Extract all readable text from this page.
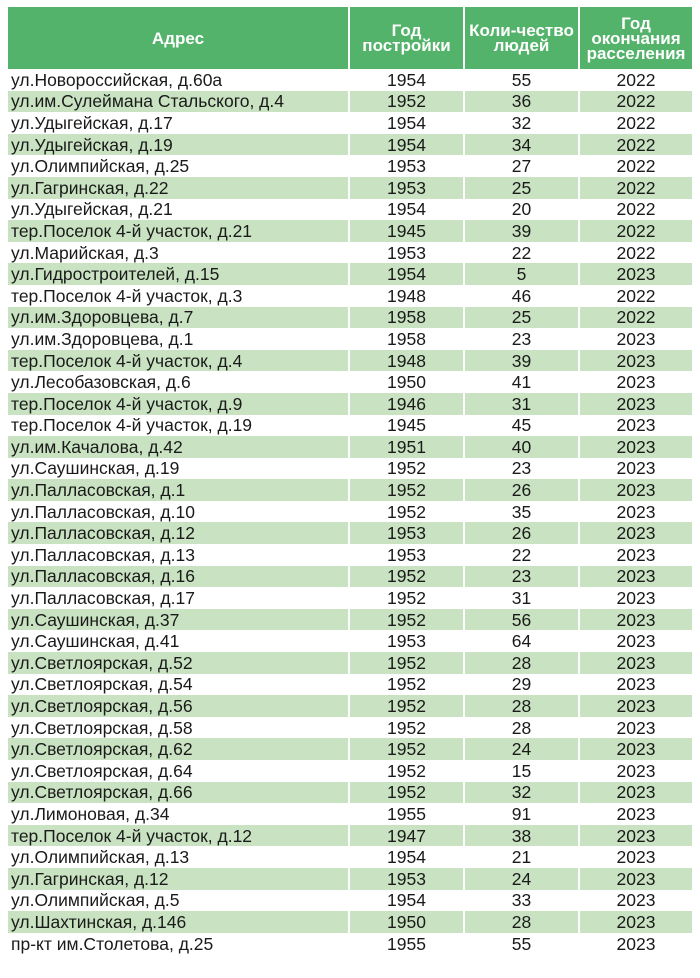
Адрес	Год постройки	Коли-чество людей	Год окончания расселения
ул.Новороссийская, д.60а	1954	55	2022
ул.им.Сулеймана Стальского, д.4	1952	36	2022
ул.Удыгейская, д.17	1954	32	2022
ул.Удыгейская, д.19	1954	34	2022
ул.Олимпийская, д.25	1953	27	2022
ул.Гагринская, д.22	1953	25	2022
ул.Удыгейская, д.21	1954	20	2022
тер.Поселок 4-й участок, д.21	1945	39	2022
ул.Марийская, д.3	1953	22	2022
ул.Гидростроителей, д.15	1954	5	2023
тер.Поселок 4-й участок, д.3	1948	46	2022
ул.им.Здоровцева, д.7	1958	25	2022
ул.им.Здоровцева, д.1	1958	23	2023
тер.Поселок 4-й участок, д.4	1948	39	2023
ул.Лесобазовская, д.6	1950	41	2023
тер.Поселок 4-й участок, д.9	1946	31	2023
тер.Поселок 4-й участок, д.19	1945	45	2023
ул.им.Качалова, д.42	1951	40	2023
ул.Саушинская, д.19	1952	23	2023
ул.Палласовская, д.1	1952	26	2023
ул.Палласовская, д.10	1952	35	2023
ул.Палласовская, д.12	1953	26	2023
ул.Палласовская, д.13	1953	22	2023
ул.Палласовская, д.16	1952	23	2023
ул.Палласовская, д.17	1952	31	2023
ул.Саушинская, д.37	1952	56	2023
ул.Саушинская, д.41	1953	64	2023
ул.Светлоярская, д.52	1952	28	2023
ул.Светлоярская, д.54	1952	29	2023
ул.Светлоярская, д.56	1952	28	2023
ул.Светлоярская, д.58	1952	28	2023
ул.Светлоярская, д.62	1952	24	2023
ул.Светлоярская, д.64	1952	15	2023
ул.Светлоярская, д.66	1952	32	2023
ул.Лимоновая, д.34	1955	91	2023
тер.Поселок 4-й участок, д.12	1947	38	2023
ул.Олимпийская, д.13	1954	21	2023
ул.Гагринская, д.12	1953	24	2023
ул.Олимпийская, д.5	1954	33	2023
ул.Шахтинская, д.146	1950	28	2023
пр-кт им.Столетова, д.25	1955	55	2023
